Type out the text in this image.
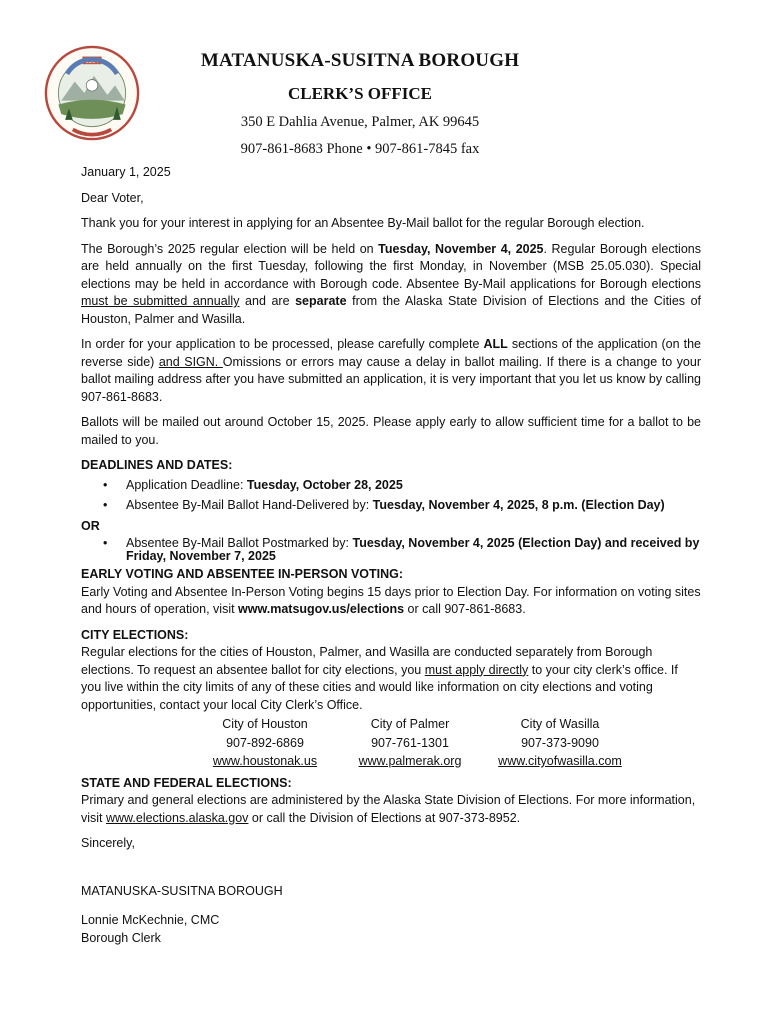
1964	MATANUSKA-SUSITNA BOROUGH
CLERK’S OFFICE
350 E Dahlia Avenue, Palmer, AK 99645
907-861-8683 Phone • 907-861-7845 fax

January 1, 2025

Dear Voter,

Thank you for your interest in applying for an Absentee By-Mail ballot for the regular Borough election.

The Borough’s 2025 regular election will be held on Tuesday, November 4, 2025. Regular Borough elections are held annually on the first Tuesday, following the first Monday, in November (MSB 25.05.030). Special elections may be held in accordance with Borough code. Absentee By-Mail applications for Borough elections must be submitted annually and are separate from the Alaska State Division of Elections and the Cities of Houston, Palmer and Wasilla.

In order for your application to be processed, please carefully complete ALL sections of the application (on the reverse side) and SIGN. Omissions or errors may cause a delay in ballot mailing. If there is a change to your ballot mailing address after you have submitted an application, it is very important that you let us know by calling 907-861-8683.

Ballots will be mailed out around October 15, 2025. Please apply early to allow sufficient time for a ballot to be mailed to you.

DEADLINES AND DATES:

• Application Deadline: Tuesday, October 28, 2025
• Absentee By-Mail Ballot Hand-Delivered by: Tuesday, November 4, 2025, 8 p.m. (Election Day)

OR

• Absentee By-Mail Ballot Postmarked by: Tuesday, November 4, 2025 (Election Day) and received by Friday, November 7, 2025

EARLY VOTING AND ABSENTEE IN-PERSON VOTING:

Early Voting and Absentee In-Person Voting begins 15 days prior to Election Day. For information on voting sites and hours of operation, visit www.matsugov.us/elections or call 907-861-8683.

CITY ELECTIONS:

Regular elections for the cities of Houston, Palmer, and Wasilla are conducted separately from Borough elections. To request an absentee ballot for city elections, you must apply directly to your city clerk’s office. If you live within the city limits of any of these cities and would like information on city elections and voting opportunities, contact your local City Clerk’s Office.

City of Houston	City of Palmer	City of Wasilla
907-892-6869	907-761-1301	907-373-9090
www.houstonak.us	www.palmerak.org	www.cityofwasilla.com

STATE AND FEDERAL ELECTIONS:

Primary and general elections are administered by the Alaska State Division of Elections. For more information, visit www.elections.alaska.gov or call the Division of Elections at 907-373-8952.

Sincerely,

MATANUSKA-SUSITNA BOROUGH

Lonnie McKechnie, CMC

Borough Clerk
